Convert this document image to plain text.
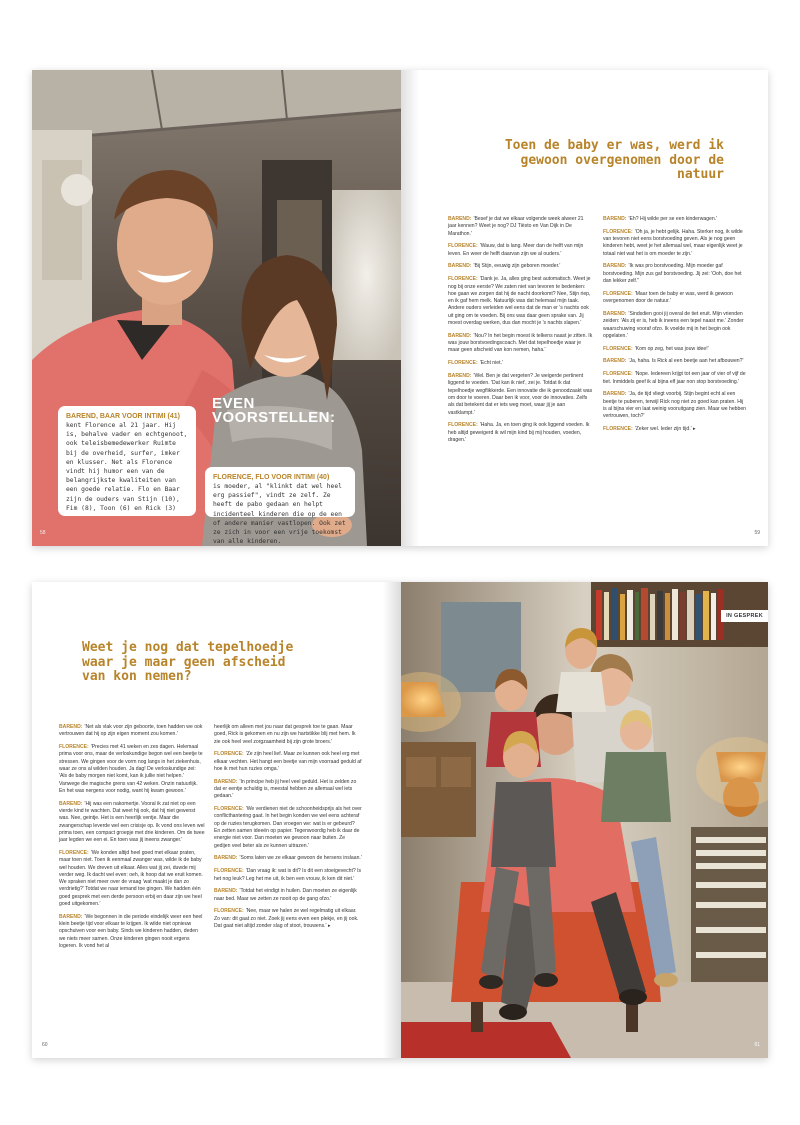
EVEN VOORSTELLEN:
BAREND, BAAR VOOR INTIMI (41)
kent Florence al 21 jaar. Hij is, behalve vader en echtgenoot, ook teleisbemedewerker Ruimte bij de overheid, surfer, imker en klusser. Net als Florence vindt hij humor een van de belangrijkste kwaliteiten van een goede relatie. Flo en Baar zijn de ouders van Stijn (10), Fim (8), Toon (6) en Rick (3)
FLORENCE, FLO VOOR INTIMI (40)
is moeder, al "klinkt dat wel heel erg passief", vindt ze zelf. Ze heeft de pabo gedaan en helpt incidenteel kinderen die op de een of andere manier vastlopen. Ook zet ze zich in voor een vrije toekomst van alle kinderen.
58
Toen de baby er was, werd ik gewoon overgenomen door de natuur

BAREND: 'Besef je dat we elkaar volgende week alweer 21 jaar kennen? Weet je nog? DJ Tiësto en Van Dijk in De Marathon.'

FLORENCE: 'Wauw, dat is lang. Meer dan de helft van mijn leven. En weer de helft daarvan zijn we al ouders.'

BAREND: 'Bij Stijn, eeuwig zijn geboren moeder.'

FLORENCE: 'Dank je. Ja, alles ging best automatisch. Weet je nog bij onze eerste? We zaten niet van tevoren te bedenken: hoe gaan we zorgen dat hij de nacht doorkomt? Nee, Stijn riep, en ik gaf hem melk. Natuurlijk was dat helemaal mijn taak. Andere ouders verleiden wel eens dat de man er 's nachts ook uit ging om te voeden. Bij ons was daar geen sprake van. Jij moest overdag werken, dus dan mocht je 's nachts slapen.'

BAREND: 'Nou? In het begin moest ik telkens naast je zitten. Ik was jouw borstvoedingscoach. Met dat tepelhoedje waar je maar geen afscheid van kon nemen, haha.'

FLORENCE: 'Echt niet.'

BAREND: 'Wel. Ben je dat vergeten? Je weigerde pertinent liggend te voeden. 'Dat kan ik niet', zei je. Totdat ik dat tepelhoedje wegflikkerde. Een innovatie die ik genoodzaakt was om door te voeren. Daar ben ik voor, voor de innovaties. Zelfs als dat betekent dat er iets weg moet, waar jij je aan vastklampt.'

FLORENCE: 'Haha. Ja, en toen ging ik ook liggend voeden. Ik heb altijd geweigerd ik wil mijn kind bij mij houden, voeden, dragen.'

BAREND: 'Eh? Hij wilde per se een kinderwagen.'

FLORENCE: 'Oh ja, je hebt gelijk. Haha. Sterker nog, ik wilde van tevoren niet eens borstvoeding geven. Als je nog geen kinderen hebt, weet je het allemaal wel, maar eigenlijk weet je totaal niet wat het is om moeder te zijn.'

BAREND: 'Ik was pro borstvoeding. Mijn moeder gaf borstvoeding. Mijn zus gaf borstvoeding. Jij zei: 'Ooh, doe het dan lekker zelf.''

FLORENCE: 'Maar toen de baby er was, werd ik gewoon overgenomen door de natuur.'

BAREND: 'Sindsdien gooi jij overal de tiet eruit. Mijn vrienden zeiden: 'Als zij er is, heb ik ineens een tepel naast me.' Zonder waarschuwing vooraf ofzo. Ik voelde mij in het begin ook opgelaten.'

FLORENCE: 'Kom op zeg, het was jouw idee!'

BAREND: 'Ja, haha. Is Rick al een beetje aan het afbouwen?'

FLORENCE: 'Nope. Iedereen krijgt tot een jaar of vier of vijf de tiet. Inmiddels geef ik al bijna elf jaar non stop borstvoeding.'

BAREND: 'Ja, de tijd vliegt voorbij. Stijn begint echt al een beetje te puberen, terwijl Rick nog niet zo goed kan praten. Hij is al bijna vier en laat weinig vooruitgang zien. Maar we hebben vertrouwen, toch?'

FLORENCE: 'Zeker wel. Ieder zijn tijd.' ▸

59
Weet je nog dat tepelhoedje waar je maar geen afscheid van kon nemen?

BAREND: 'Net als vlak voor zijn geboorte, toen hadden we ook vertrouwen dat hij op zijn eigen moment zou komen.'

FLORENCE: 'Precies met 41 weken en zes dagen. Helemaal prima voor ons, maar de verloskundige begon wel een beetje te stressen. We gingen voor de vorm nog langs in het ziekenhuis, waar ze ons al wilden houden. Ja dag! De verloskundige zei: 'Als de baby morgen niet komt, kan ik jullie niet helpen.' Vanwege die magische grens van 42 weken. Onzin natuurlijk. En het was nergens voor nodig, want hij kwam gewoon.'

BAREND: 'Hij was een nakomertje. Vooral ik zat niet op een vierde kind te wachten. Dat weet hij ook, dat hij niet gewenst was. Nee, geintje. Het is een heerlijk ventje. Maar die zwangerschap leverde wel een crisisje op. Ik vond ons leven wel prima toen, een compact groepje met drie kinderen. Om de twee jaar legden we een ei. En toen was jij ineens zwanger.'

FLORENCE: 'We konden altijd heel goed met elkaar praten, maar toen niet. Toen ik eenmaal zwanger was, wilde ik de baby wel houden. We dreven uit elkaar. Alles wat jij zei, duwde mij verder weg. Ik dacht wel even: oeh, ik hoop dat we eruit komen. We spraken niet meer over de vraag 'wat maakt je dan zo verdrietig?' Totdat we naar iemand toe gingen. We hadden één goed gesprek met een derde persoon erbij en daar zijn we heel goed uitgekomen.'

BAREND: 'We begonnen in die periode eindelijk weer een heel klein beetje tijd voor elkaar te krijgen. Ik wilde niet opnieuw opschuiven voor een baby. Sinds we kinderen hadden, deden we niets meer samen. Onze kinderen gingen nooit ergens logeren. Ik vond het al

heerlijk om alleen met jou naar dat gesprek toe te gaan. Maar goed, Rick is gekomen en nu zijn we hartstikke blij met hem. Ik zie ook heel veel zorgzaamheid bij zijn grote broers.'

FLORENCE: 'Ze zijn heel lief. Maar ze kunnen ook heel erg met elkaar vechten. Het hangt een beetje van mijn voorraad geduld af hoe ik met hun ruzies omga.'

BAREND: 'In principe heb jij heel veel geduld. Het is zelden zo dat er eentje schuldig is, meestal hebben ze allemaal wel iets gedaan.'

FLORENCE: 'We verdienen niet de schoonheidsprijs als het over conflicthantering gaat. In het begin konden we wel eens achteraf op de ruzies terugkomen. Dan vroegen we: wat is er gebeurd? En zetten samen ideeën op papier. Tegenwoordig heb ik daar de energie niet voor. Dan moeten we gewoon naar buiten. Ze gedijen veel beter als ze kunnen uitrazen.'

BAREND: 'Soms laten we ze elkaar gewoon de hersens inslaan.'

FLORENCE: 'Dan vraag ik: wat is dit? Is dit een stoeigevecht? Is het nog leuk? Leg het me uit, ik ben een vrouw, ik ken dit niet.'

BAREND: 'Totdat het eindigt in huilen. Dan moeten ze eigenlijk naar bed. Maar we zetten ze nooit op de gang ofzo.'

FLORENCE: 'Nee, maar we halen ze wel regelmatig uit elkaar. Zo van: dit gaat zo niet. Zoek jij eens even een plekje, en jij ook. Dat gaat niet altijd zonder slag of stoot, trouwens.' ▸

60
IN GESPREK
61
